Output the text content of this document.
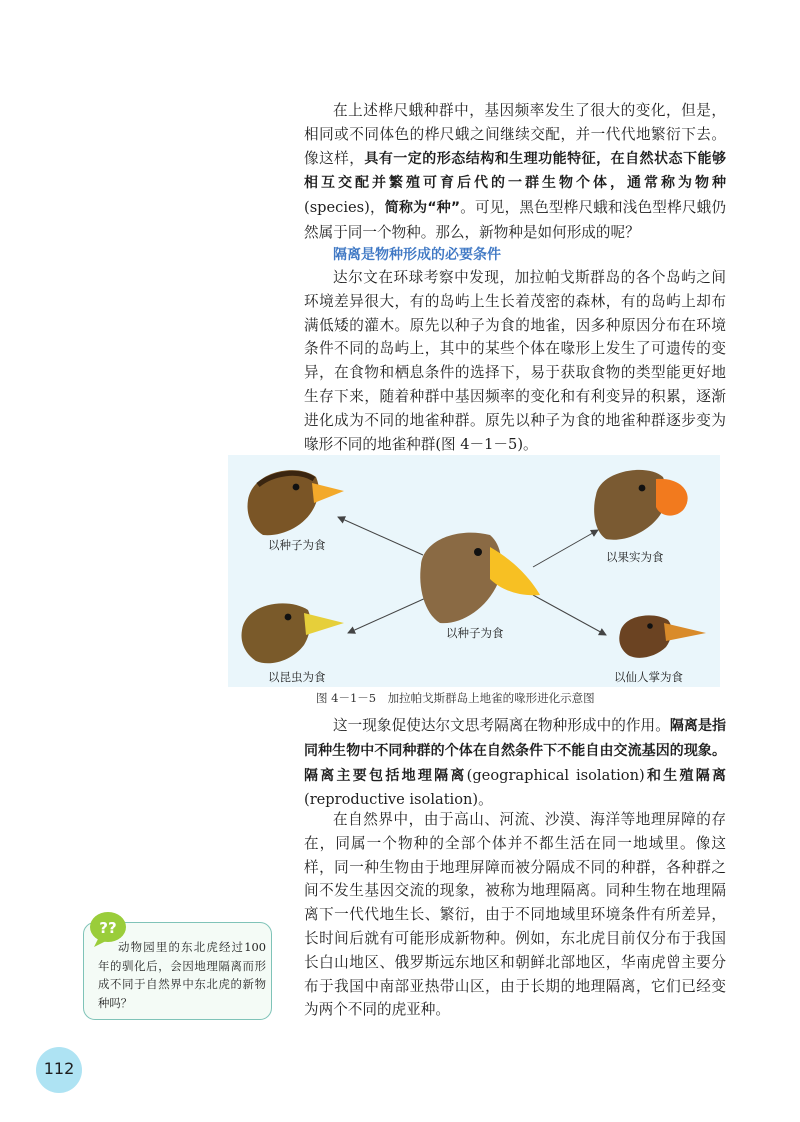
在上述桦尺蛾种群中，基因频率发生了很大的变化，但是，相同或不同体色的桦尺蛾之间继续交配，并一代代地繁衍下去。像这样，具有一定的形态结构和生理功能特征，在自然状态下能够相互交配并繁殖可育后代的一群生物个体，通常称为物种(species)，简称为“种”。可见，黑色型桦尺蛾和浅色型桦尺蛾仍然属于同一个物种。那么，新物种是如何形成的呢？

隔离是物种形成的必要条件

达尔文在环球考察中发现，加拉帕戈斯群岛的各个岛屿之间环境差异很大，有的岛屿上生长着茂密的森林，有的岛屿上却布满低矮的灌木。原先以种子为食的地雀，因多种原因分布在环境条件不同的岛屿上，其中的某些个体在喙形上发生了可遗传的变异，在食物和栖息条件的选择下，易于获取食物的类型能更好地生存下来，随着种群中基因频率的变化和有利变异的积累，逐渐进化成为不同的地雀种群。原先以种子为食的地雀种群逐步变为喙形不同的地雀种群(图 4－1－5)。

以种子为食
以果实为食
以种子为食
以昆虫为食	以仙人掌为食
图 4－1－5　加拉帕戈斯群岛上地雀的喙形进化示意图

这一现象促使达尔文思考隔离在物种形成中的作用。隔离是指同种生物中不同种群的个体在自然条件下不能自由交流基因的现象。隔离主要包括地理隔离(geographical isolation)和生殖隔离(reproductive isolation)。

在自然界中，由于高山、河流、沙漠、海洋等地理屏障的存在，同属一个物种的全部个体并不都生活在同一地域里。像这样，同一种生物由于地理屏障而被分隔成不同的种群，各种群之间不发生基因交流的现象，被称为地理隔离。同种生物在地理隔离下一代代地生长、繁衍，由于不同地域里环境条件有所差异，长时间后就有可能形成新物种。例如，东北虎目前仅分布于我国长白山地区、俄罗斯远东地区和朝鲜北部地区，华南虎曾主要分布于我国中南部亚热带山区，由于长期的地理隔离，它们已经变为两个不同的虎亚种。

??

动物园里的东北虎经过100 年的驯化后，会因地理隔离而形成不同于自然界中东北虎的新物种吗？

112
